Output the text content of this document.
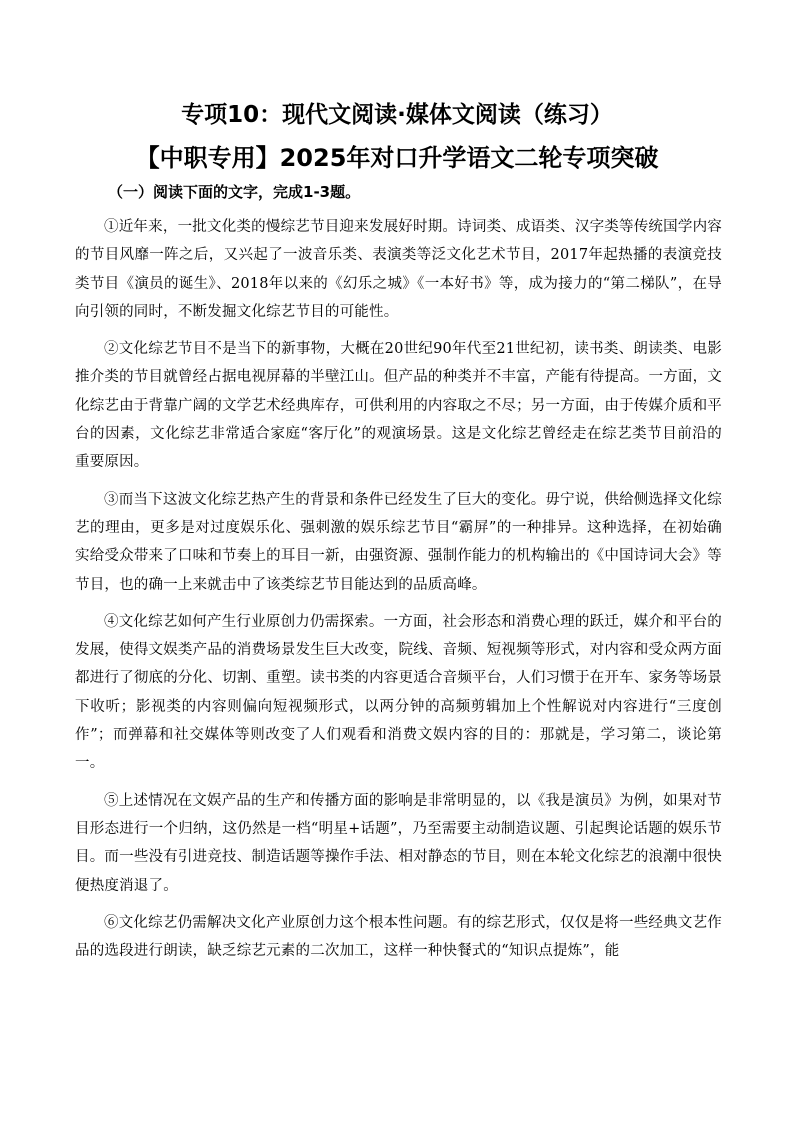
专项10：现代文阅读·媒体文阅读（练习）
【中职专用】2025年对口升学语文二轮专项突破

（一）阅读下面的文字，完成1-3题。

①近年来，一批文化类的慢综艺节目迎来发展好时期。诗词类、成语类、汉字类等传统国学内容的节目风靡一阵之后，又兴起了一波音乐类、表演类等泛文化艺术节目，2017年起热播的表演竞技类节目《演员的诞生》、2018年以来的《幻乐之城》《一本好书》等，成为接力的“第二梯队”，在导向引领的同时，不断发掘文化综艺节目的可能性。

②文化综艺节目不是当下的新事物，大概在20世纪90年代至21世纪初，读书类、朗读类、电影推介类的节目就曾经占据电视屏幕的半壁江山。但产品的种类并不丰富，产能有待提高。一方面，文化综艺由于背靠广阔的文学艺术经典库存，可供利用的内容取之不尽；另一方面，由于传媒介质和平台的因素，文化综艺非常适合家庭“客厅化”的观演场景。这是文化综艺曾经走在综艺类节目前沿的重要原因。

③而当下这波文化综艺热产生的背景和条件已经发生了巨大的变化。毋宁说，供给侧选择文化综艺的理由，更多是对过度娱乐化、强刺激的娱乐综艺节目“霸屏”的一种排异。这种选择，在初始确实给受众带来了口味和节奏上的耳目一新，由强资源、强制作能力的机构输出的《中国诗词大会》等节目，也的确一上来就击中了该类综艺节目能达到的品质高峰。

④文化综艺如何产生行业原创力仍需探索。一方面，社会形态和消费心理的跃迁，媒介和平台的发展，使得文娱类产品的消费场景发生巨大改变，院线、音频、短视频等形式，对内容和受众两方面都进行了彻底的分化、切割、重塑。读书类的内容更适合音频平台，人们习惯于在开车、家务等场景下收听；影视类的内容则偏向短视频形式，以两分钟的高频剪辑加上个性解说对内容进行“三度创作”；而弹幕和社交媒体等则改变了人们观看和消费文娱内容的目的：那就是，学习第二，谈论第一。

⑤上述情况在文娱产品的生产和传播方面的影响是非常明显的，以《我是演员》为例，如果对节目形态进行一个归纳，这仍然是一档“明星+话题”，乃至需要主动制造议题、引起舆论话题的娱乐节目。而一些没有引进竞技、制造话题等操作手法、相对静态的节目，则在本轮文化综艺的浪潮中很快便热度消退了。

⑥文化综艺仍需解决文化产业原创力这个根本性问题。有的综艺形式，仅仅是将一些经典文艺作品的选段进行朗读，缺乏综艺元素的二次加工，这样一种快餐式的“知识点提炼”，能
